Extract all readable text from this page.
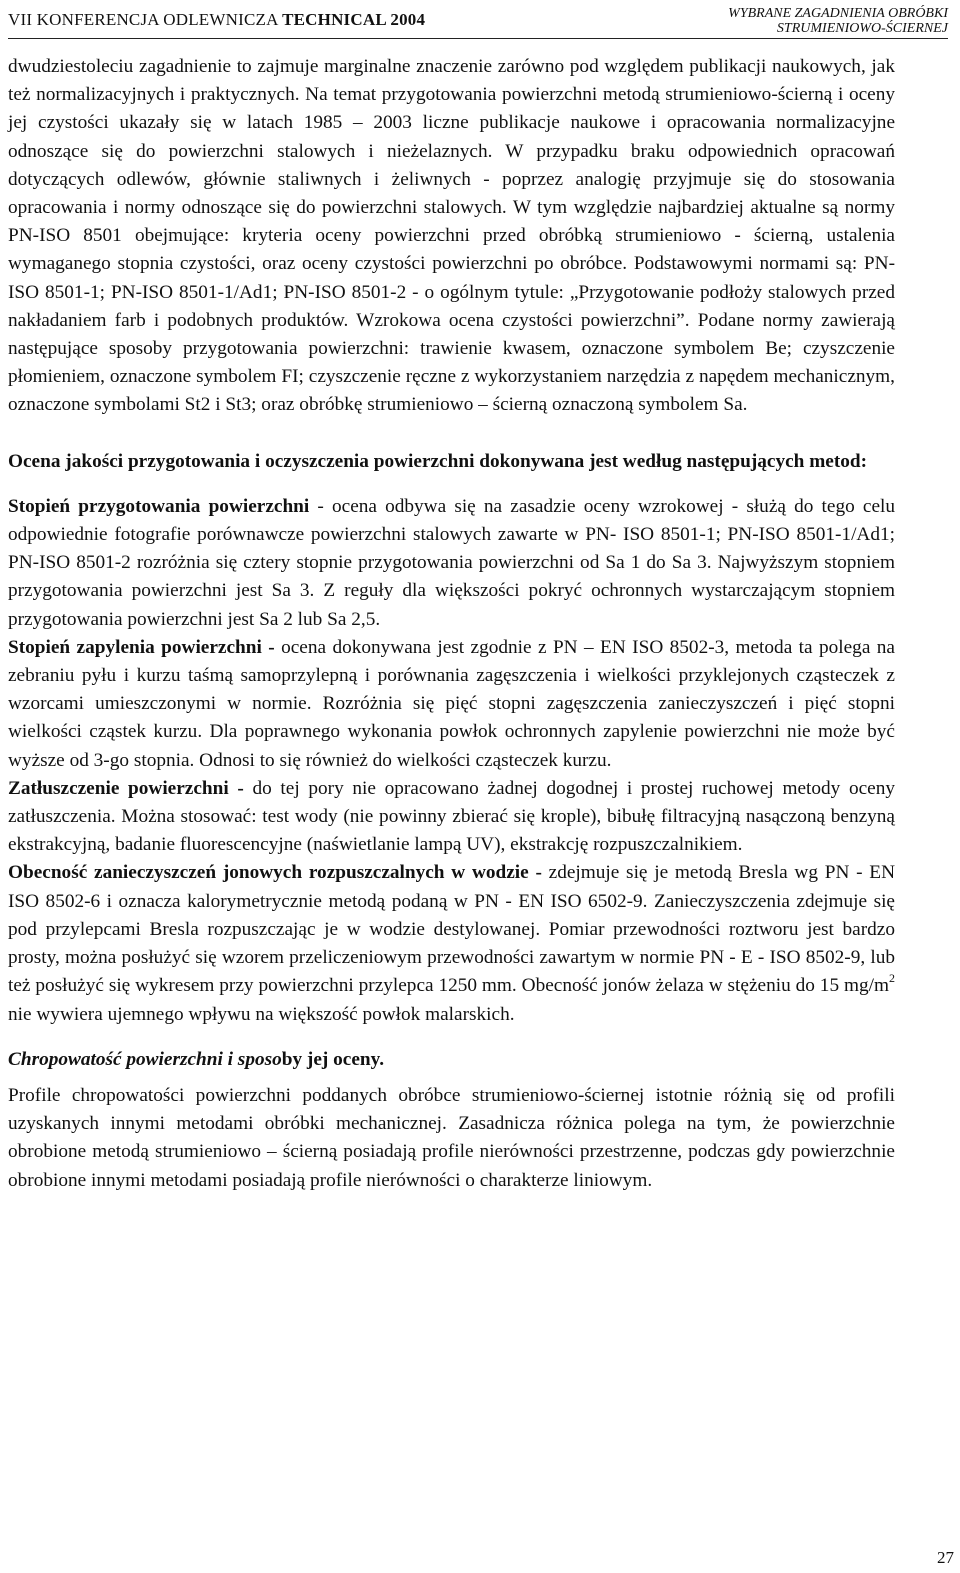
VII KONFERENCJA ODLEWNICZA TECHNICAL 2004	WYBRANE ZAGADNIENIA OBRÓBKI
STRUMIENIOWO-ŚCIERNEJ

dwudziestoleciu zagadnienie to zajmuje marginalne znaczenie zarówno pod względem publikacji naukowych, jak też normalizacyjnych i praktycznych. Na temat przygotowania powierzchni metodą strumieniowo-ścierną i oceny jej czystości ukazały się w latach 1985 – 2003 liczne publikacje naukowe i opracowania normalizacyjne odnoszące się do powierzchni stalowych i nieżelaznych. W przypadku braku odpowiednich opracowań dotyczących odlewów, głównie staliwnych i żeliwnych - poprzez analogię przyjmuje się do stosowania opracowania i normy odnoszące się do powierzchni stalowych. W tym względzie najbardziej aktualne są normy PN-ISO 8501 obejmujące: kryteria oceny powierzchni przed obróbką strumieniowo - ścierną, ustalenia wymaganego stopnia czystości, oraz oceny czystości powierzchni po obróbce. Podstawowymi normami są: PN-ISO 8501-1; PN-ISO 8501-1/Ad1; PN-ISO 8501-2 - o ogólnym tytule: „Przygotowanie podłoży stalowych przed nakładaniem farb i podobnych produktów. Wzrokowa ocena czystości powierzchni”. Podane normy zawierają następujące sposoby przygotowania powierzchni: trawienie kwasem, oznaczone symbolem Be; czyszczenie płomieniem, oznaczone symbolem FI; czyszczenie ręczne z wykorzystaniem narzędzia z napędem mechanicznym, oznaczone symbolami St2 i St3; oraz obróbkę strumieniowo – ścierną oznaczoną symbolem Sa.

Ocena jakości przygotowania i oczyszczenia powierzchni dokonywana jest według następujących metod:

Stopień przygotowania powierzchni - ocena odbywa się na zasadzie oceny wzrokowej - służą do tego celu odpowiednie fotografie porównawcze powierzchni stalowych zawarte w PN- ISO 8501-1; PN-ISO 8501-1/Ad1; PN-ISO 8501-2 rozróżnia się cztery stopnie przygotowania powierzchni od Sa 1 do Sa 3. Najwyższym stopniem przygotowania powierzchni jest Sa 3. Z reguły dla większości pokryć ochronnych wystarczającym stopniem przygotowania powierzchni jest Sa 2 lub Sa 2,5.

Stopień zapylenia powierzchni - ocena dokonywana jest zgodnie z PN – EN ISO 8502-3, metoda ta polega na zebraniu pyłu i kurzu taśmą samoprzylepną i porównania zagęszczenia i wielkości przyklejonych cząsteczek z wzorcami umieszczonymi w normie. Rozróżnia się pięć stopni zagęszczenia zanieczyszczeń i pięć stopni wielkości cząstek kurzu. Dla poprawnego wykonania powłok ochronnych zapylenie powierzchni nie może być wyższe od 3-go stopnia. Odnosi to się również do wielkości cząsteczek kurzu.

Zatłuszczenie powierzchni - do tej pory nie opracowano żadnej dogodnej i prostej ruchowej metody oceny zatłuszczenia. Można stosować: test wody (nie powinny zbierać się krople), bibułę filtracyjną nasączoną benzyną ekstrakcyjną, badanie fluorescencyjne (naświetlanie lampą UV), ekstrakcję rozpuszczalnikiem.

Obecność zanieczyszczeń jonowych rozpuszczalnych w wodzie - zdejmuje się je metodą Bresla wg PN - EN ISO 8502-6 i oznacza kalorymetrycznie metodą podaną w PN - EN ISO 6502-9. Zanieczyszczenia zdejmuje się pod przylepcami Bresla rozpuszczając je w wodzie destylowanej. Pomiar przewodności roztworu jest bardzo prosty, można posłużyć się wzorem przeliczeniowym przewodności zawartym w normie PN - E - ISO 8502-9, lub też posłużyć się wykresem przy powierzchni przylepca 1250 mm. Obecność jonów żelaza w stężeniu do 15 $mg/m^2$ nie wywiera ujemnego wpływu na większość powłok malarskich.

Chropowatość powierzchni i sposoby jej oceny.

Profile chropowatości powierzchni poddanych obróbce strumieniowo-ściernej istotnie różnią się od profili uzyskanych innymi metodami obróbki mechanicznej. Zasadnicza różnica polega na tym, że powierzchnie obrobione metodą strumieniowo – ścierną posiadają profile nierówności przestrzenne, podczas gdy powierzchnie obrobione innymi metodami posiadają profile nierówności o charakterze liniowym.

27
